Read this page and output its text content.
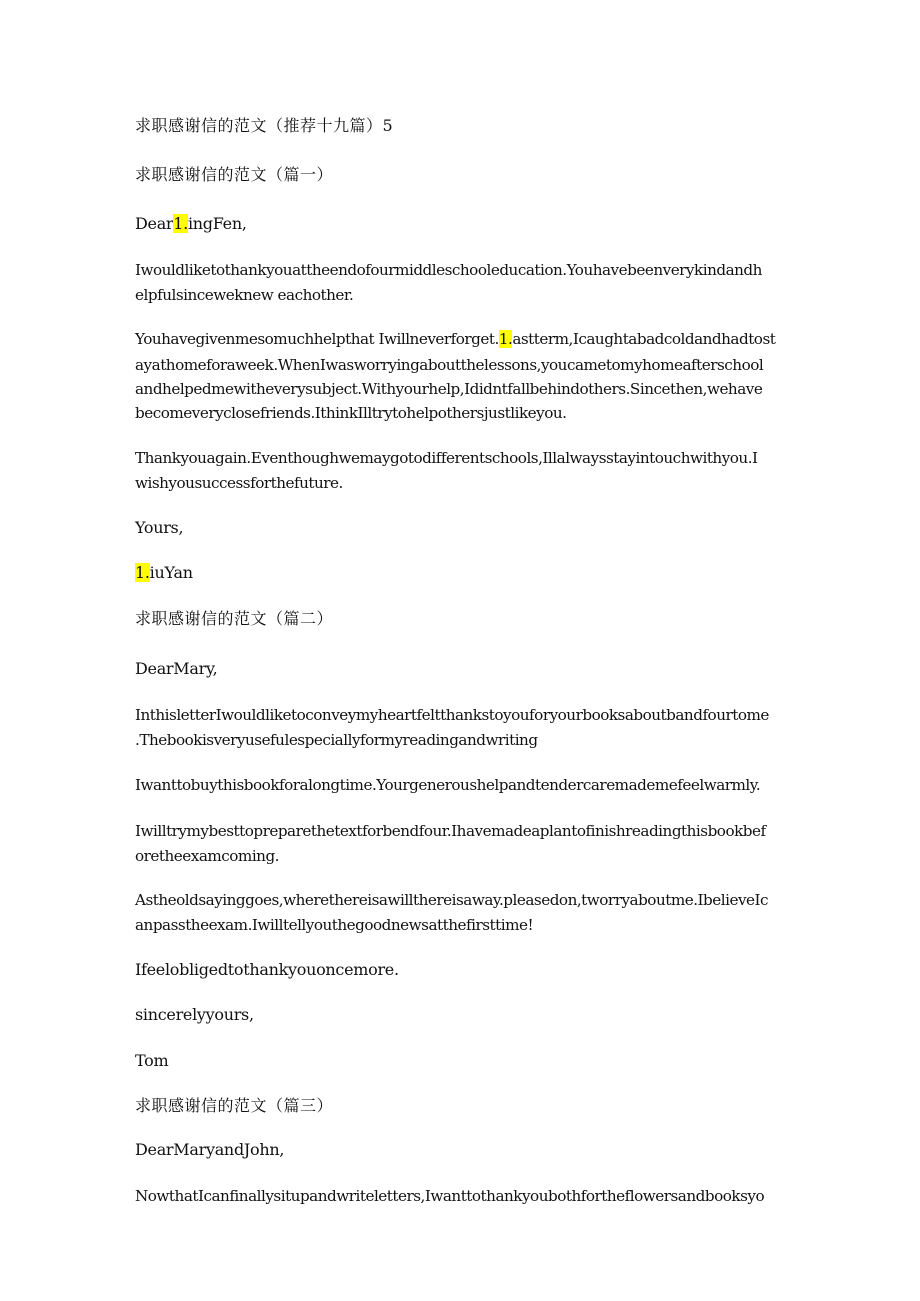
求职感谢信的范文（推荐十九篇）5

求职感谢信的范文（篇一）

Dear1.ingFen,

Iwouldliketothankyouattheendofourmiddleschooleducation.Youhavebeenverykindandh

elpfulsinceweknew eachother.

Youhavegivenmesomuchhelpthat Iwillneverforget.1.astterm,Icaughtabadcoldandhadtost

ayathomeforaweek.WhenIwasworryingaboutthelessons,youcametomyhomeafterschool

andhelpedmewitheverysubject.Withyourhelp,Ididntfallbehindothers.Sincethen,wehave

becomeveryclosefriends.IthinkIlltrytohelpothersjustlikeyou.

Thankyouagain.Eventhoughwemaygotodifferentschools,Illalwaysstayintouchwithyou.I

wishyousuccessforthefuture.

Yours,

1.iuYan

求职感谢信的范文（篇二）

DearMary,

InthisletterIwouldliketoconveymyheartfeltthankstoyouforyourbooksaboutbandfourtome

.Thebookisveryusefulespeciallyformyreadingandwriting

Iwanttobuythisbookforalongtime.Yourgeneroushelpandtendercaremademefeelwarmly.

Iwilltrymybesttopreparethetextforbendfour.Ihavemadeaplantofinishreadingthisbookbef

oretheexamcoming.

Astheoldsayinggoes,wherethereisawillthereisaway.pleasedon,tworryaboutme.IbelieveIc

anpasstheexam.Iwilltellyouthegoodnewsatthefirsttime!

Ifeelobligedtothankyouoncemore.

sincerelyyours,

Tom

求职感谢信的范文（篇三）

DearMaryandJohn,

NowthatIcanfinallysitupandwriteletters,Iwanttothankyoubothfortheflowersandbooksyo
